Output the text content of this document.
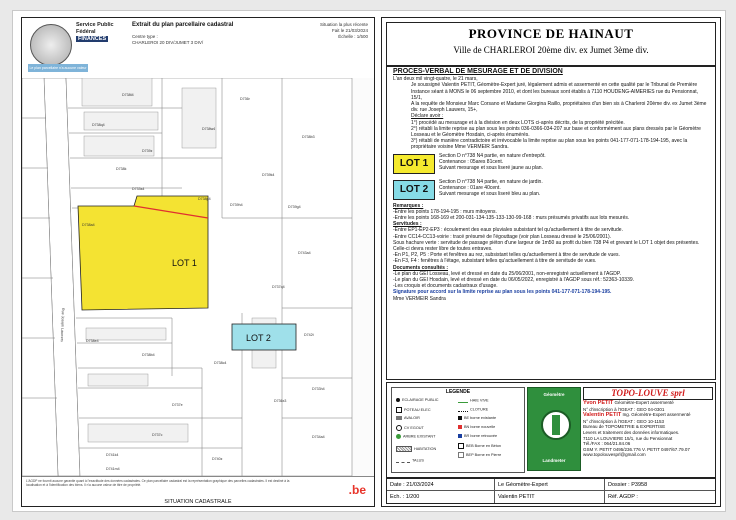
Service Public
Fédéral
FINANCES
Extrait du plan parcellaire cadastral
Centre type :
CHARLEROI 20 DIV/JUMET 3 DIV/
Situation la plus récente
Fait le 21/03/2024
Échelle : 1/500
Le plan parcellaire n'a aucune valeur juridique
Rue Joseph Lauwers
LOT 1
LOT 2
D738p4
D733s4
D739z
D738w4
D738t4
D738q4
D739h4
D739k4
D739g4
D743a4
D738e4
D738b4
D738c4
D742t
D737q4
D738a4
D737e
D737c
D736x3
D741m4
D741k4
D740z
D733h4
D734a4
D738b3
D736r
D738k
L'AGDP ne fournit aucune garantie quant à l'exactitude des données cadastrales. Ce plan parcellaire cadastral est la représentation graphique des parcelles cadastrales. Il est destiné à la localisation et à l'identification des biens. Il n'a aucune valeur de titre de propriété.	.be
SITUATION CADASTRALE
PROVINCE DE HAINAUT
Ville de CHARLEROI 20ème div. ex Jumet 3ème div.
PROCES-VERBAL DE MESURAGE ET DE DIVISION

L'an deux mil vingt-quatre, le 21 mars,

Je soussigné Valentin PETIT, Géomètre-Expert juré, légalement admis et assermenté en cette qualité par le Tribunal de Première Instance séant à MONS le 06 septembre 2010, et dont les bureaux sont établis à 7110 HOUDENG-AIMERIES rue du Pensionnat, 15/1,

A la requête de Monsieur Marc Corsano et Madame Giorgina Raillo, propriétaires d'un bien sis à Charleroi 20ème div. ex Jumet 3ème div. rue Joseph Lauwers, 15+,

Déclare avoir :

1°) procédé au mesurage et à la division en deux LOTS ci-après décrits, de la propriété précitée.

2°) rétabli la limite reprise au plan sous les points 036-0366-034-207 sur base et conformément aux plans dressés par le Géomètre Losseau et le Géomètre Hosdain, ci-après énumérés.

3°) rétabli de manière contradictoire et irrévocable la limite reprise au plan sous les points 041-177-071-178-194-195, avec la propriétaire voisine Mme VERMEIR Sandra.

LOT 1
Section D n°738 N4 partie, en nature d'entrepôt.
Contenance : 05ares 81cent.
Suivant mesurage et sous liseré jaune au plan.
LOT 2
Section D n°738 N4 partie, en nature de jardin.
Contenance : 01are 40cent.
Suivant mesurage et sous liseré bleu au plan.

Remarques :

-Entre les points 178-194-195 : murs mitoyens.

-Entre les points 168-169 et 200-031-134-135-133-130-99-168 : murs présumés privatifs aux lots mesurés.

Servitudes :

-Entre EP1-EP2-EP3 : écoulement des eaux pluviales subsistant tel qu'actuellement à titre de servitude.

-Entre CC14-CC13-voirie : tracé présumé de l'égouttage (voir plan Losseau dressé le 25/06/2001).

Sous hachure verte : servitude de passage piéton d'une largeur de 1m50 au profit du bien 738 P4 et grevant le LOT 1 objet des présentes. Celle-ci devra rester libre de toutes entraves.

-En P1, P2, P5 : Porte et fenêtres au rez, subsistant telles qu'actuellement à titre de servitude de vues.

-En F3, F4 : fenêtres à l'étage, subsistant telles qu'actuellement à titre de servitude de vues.

Documents consultés :

-Le plan du GEI Losseau, levé et dressé en date du 25/06/2001, non-enregistré actuellement à l'AGDP.

-Le plan du GEI Hosdain, levé et dressé en date du 06/05/2022, enregistré à l'AGDP sous réf.: 52363-10339.

-Les croquis et documents cadastraux d'usage.

Signature pour accord sur la limite reprise au plan sous les points 041-177-071-178-194-195.

Mme VERMEIR Sandra

LEGENDE
ECLAIRAGE PUBLIC
POTEAU ELEC
AVALOIR
CV EGOUT
ARBRE EXISTANT
HABITATION
TALUS
HAIE VIVE
CLOTURE
BE borne existante
BN borne nouvelle
BR borne retrouvée
BEB Borne en Béton
BEP Borne en Pierre
Géomètre
Landmeter
TOPO-LOUVE sprl
Yvon PETIT Géomètre-Expert assermenté
N° d'inscription à l'IGEAT : GEO 04-0301
Valentin PETIT Ing. Géomètre-Expert assermenté
N° d'inscription à l'IGEAT : GEO 10-1153
Bureau de TOPOMETRIE & EXPERTISE
Levers et traitement des données informatiques.
7110 LA LOUVIERE 15/1, rue du Pensionnat
Tél./FAX : 064/21.84.06
GSM Y. PETIT 0495/236.776 V. PETIT 0497/67.79.07
www.topolouvesprl@gmail.com
Date : 21/03/2024	Le Géomètre-Expert	Dossier : P3958
Ech. : 1/200	Valentin PETIT	Réf. AGDP :
